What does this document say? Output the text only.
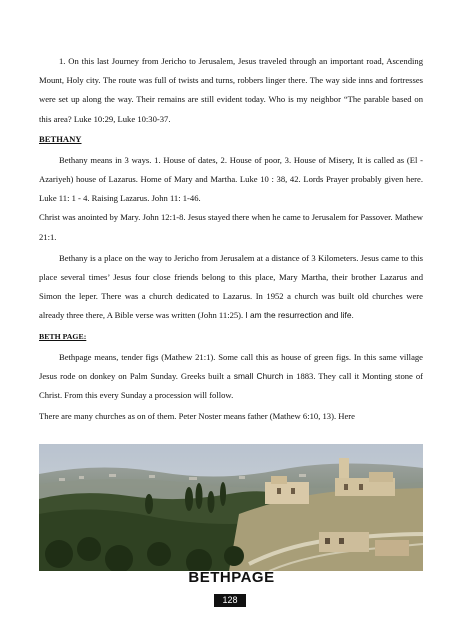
1. On this last Journey from Jericho to Jerusalem, Jesus traveled through an important road, Ascending Mount, Holy city. The route was full of twists and turns, robbers linger there. The way side inns and fortresses were set up along the way. Their remains are still evident today. Who is my neighbor “The parable based on this area? Luke 10:29, Luke 10:30-37.

BETHANY

Bethany means in 3 ways. 1. House of dates, 2. House of poor, 3. House of Misery, It is called as (El - Azariyeh) house of Lazarus. Home of Mary and Martha. Luke 10 : 38, 42. Lords Prayer probably given here. Luke 11: 1 - 4. Raising Lazarus. John 11: 1-46.
Christ was anointed by Mary. John 12:1-8. Jesus stayed there when he came to Jerusalem for Passover. Mathew 21:1.

Bethany is a place on the way to Jericho from Jerusalem at a distance of 3 Kilometers. Jesus came to this place several times’ Jesus four close friends belong to this place, Mary Martha, their brother Lazarus and Simon the leper. There was a church dedicated to Lazarus. In 1952 a church was built old churches were already three there, A Bible verse was written (John 11:25). I am the resurrection and life.

BETH PAGE:

Bethpage means, tender figs (Mathew 21:1). Some call this as house of green figs. In this same village Jesus rode on donkey on Palm Sunday. Greeks built a small Church in 1883. They call it Monting stone of Christ. From this every Sunday a procession will follow.

There are many churches as on of them. Peter Noster means father (Mathew 6:10, 13). Here

BETHPAGE
128
